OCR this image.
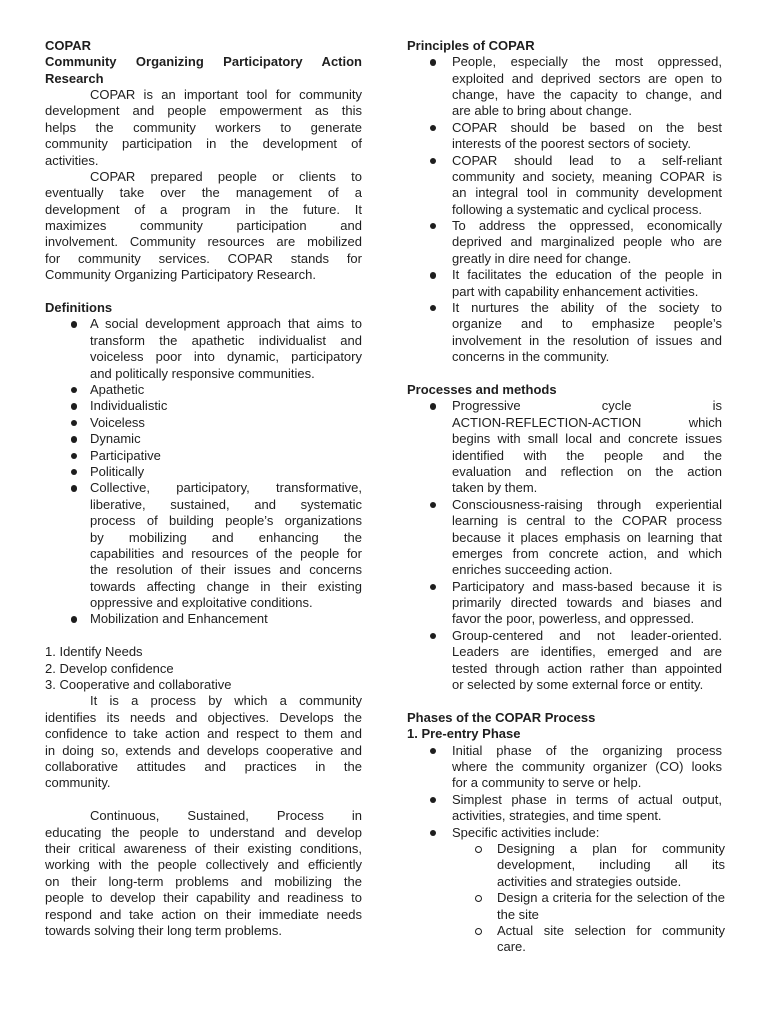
COPAR
Community Organizing Participatory Action
Research
COPAR is an important tool for community
development and people empowerment as this
helps the community workers to generate
community participation in the development of
activities.
COPAR prepared people or clients to
eventually take over the management of a
development of a program in the future. It
maximizes community participation and
involvement. Community resources are mobilized
for community services. COPAR stands for
Community Organizing Participatory Research.
Definitions
A social development approach that aims to
transform the apathetic individualist and
voiceless poor into dynamic, participatory
and politically responsive communities.
Apathetic
Individualistic
Voiceless
Dynamic
Participative
Politically
Collective, participatory, transformative,
liberative, sustained, and systematic
process of building people’s organizations
by mobilizing and enhancing the
capabilities and resources of the people for
the resolution of their issues and concerns
towards affecting change in their existing
oppressive and exploitative conditions.
Mobilization and Enhancement
1. Identify Needs
2. Develop confidence
3. Cooperative and collaborative
It is a process by which a community
identifies its needs and objectives. Develops the
confidence to take action and respect to them and
in doing so, extends and develops cooperative and
collaborative attitudes and practices in the
community.
Continuous, Sustained, Process in
educating the people to understand and develop
their critical awareness of their existing conditions,
working with the people collectively and efficiently
on their long-term problems and mobilizing the
people to develop their capability and readiness to
respond and take action on their immediate needs
towards solving their long term problems.
Principles of COPAR
People, especially the most oppressed,
exploited and deprived sectors are open to
change, have the capacity to change, and
are able to bring about change.
COPAR should be based on the best
interests of the poorest sectors of society.
COPAR should lead to a self-reliant
community and society, meaning COPAR is
an integral tool in community development
following a systematic and cyclical process.
To address the oppressed, economically
deprived and marginalized people who are
greatly in dire need for change.
It facilitates the education of the people in
part with capability enhancement activities.
It nurtures the ability of the society to
organize and to emphasize people’s
involvement in the resolution of issues and
concerns in the community.
Processes and methods
Progressive cycle is
ACTION-REFLECTION-ACTION which
begins with small local and concrete issues
identified with the people and the
evaluation and reflection on the action
taken by them.
Consciousness-raising through experiential
learning is central to the COPAR process
because it places emphasis on learning that
emerges from concrete action, and which
enriches succeeding action.
Participatory and mass-based because it is
primarily directed towards and biases and
favor the poor, powerless, and oppressed.
Group-centered and not leader-oriented.
Leaders are identifies, emerged and are
tested through action rather than appointed
or selected by some external force or entity.
Phases of the COPAR Process
1. Pre-entry Phase
Initial phase of the organizing process
where the community organizer (CO) looks
for a community to serve or help.
Simplest phase in terms of actual output,
activities, strategies, and time spent.
Specific activities include:
Designing a plan for community
development, including all its
activities and strategies outside.
Design a criteria for the selection of the
the site
Actual site selection for community
care.
